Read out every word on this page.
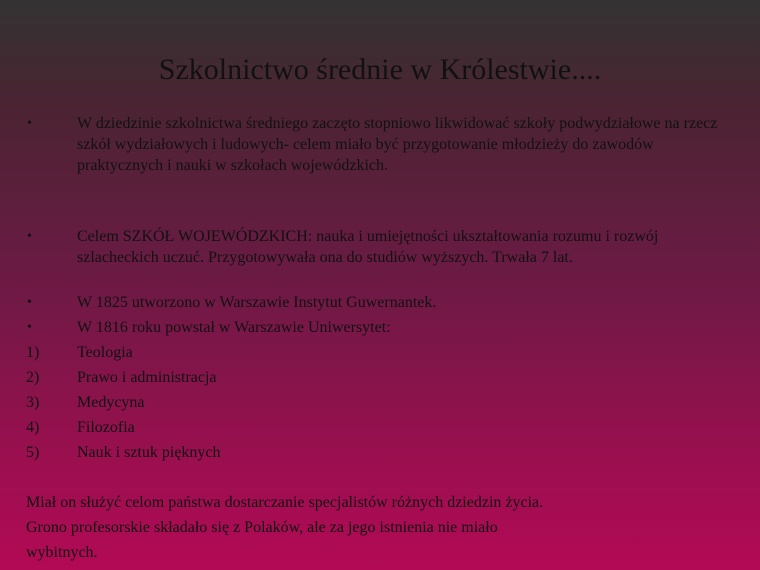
Szkolnictwo średnie w Królestwie....
•	W dziedzinie szkolnictwa średniego zaczęto stopniowo likwidować szkoły podwydziałowe na rzecz szkół wydziałowych i ludowych- celem miało być przygotowanie młodzieży do zawodów praktycznych i nauki w szkołach wojewódzkich.
•	Celem SZKÓŁ WOJEWÓDZKICH: nauka i umiejętności ukształtowania rozumu i rozwój szlacheckich uczuć. Przygotowywała ona do studiów wyższych. Trwała 7 lat.
•	W 1825 utworzono w Warszawie Instytut Guwernantek.
•	W 1816 roku powstał w Warszawie Uniwersytet:
1) Teologia
2) Prawo i administracja
3) Medycyna
4) Filozofia
5) Nauk i sztuk pięknych
Miał on służyć celom państwa dostarczanie specjalistów różnych dziedzin życia.
Grono profesorskie składało się z Polaków, ale za jego istnienia nie miało
wybitnych.
